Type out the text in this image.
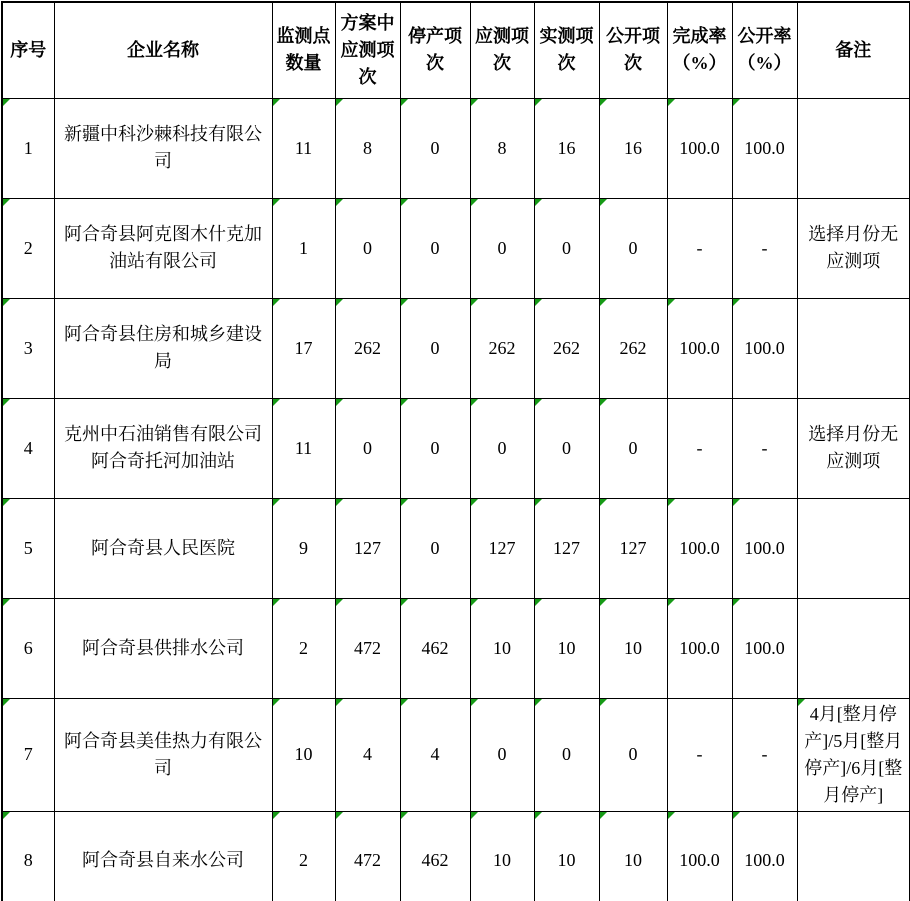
序号	企业名称	监测点数量	方案中应测项次	停产项次	应测项次	实测项次	公开项次	完成率（%）	公开率（%）	备注

1	新疆中科沙棘科技有限公司	11	8	0	8	16	16	100.0	100.0	

2	阿合奇县阿克图木什克加油站有限公司	1	0	0	0	0	0	-	-	选择月份无应测项

3	阿合奇县住房和城乡建设局	17	262	0	262	262	262	100.0	100.0	

4	克州中石油销售有限公司阿合奇托河加油站	11	0	0	0	0	0	-	-	选择月份无应测项

5	阿合奇县人民医院	9	127	0	127	127	127	100.0	100.0	

6	阿合奇县供排水公司	2	472	462	10	10	10	100.0	100.0	

7	阿合奇县美佳热力有限公司	10	4	4	0	0	0	-	-	4月[整月停产]/5月[整月停产]/6月[整月停产]

8	阿合奇县自来水公司	2	472	462	10	10	10	100.0	100.0	
